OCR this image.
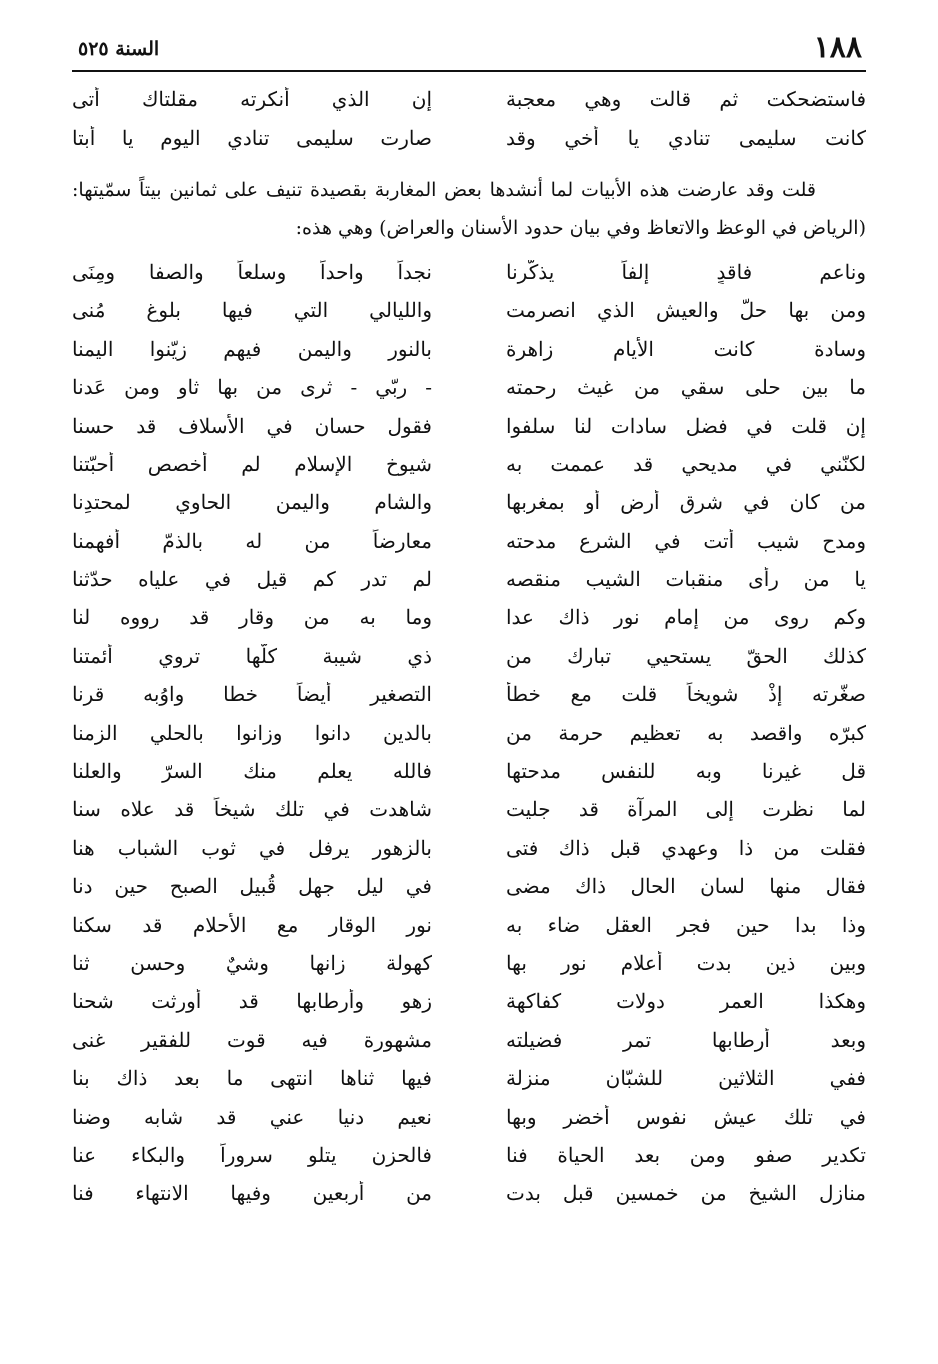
١٨٨
السنة ٥٢٥
فاستضحكت ثم قالت وهي معجبة
إن الذي أنكرته مقلتاك أتى
كانت سليمى تنادي يا أخي وقد
صارت سليمى تنادي اليوم يا أبتا

قلت وقد عارضت هذه الأبيات لما أنشدها بعض المغاربة بقصيدة تنيف على ثمانين بيتاً سمّيتها: (الرياض في الوعظ والاتعاظ وفي بيان حدود الأسنان والعراض) وهي هذه:

وناعم فاقدٍ إلفاً يذكّرنا
نجداً واحداً وسلعاً والصفا ومِنَى
ومن بها حلّ والعيش الذي انصرمت
والليالي التي فيها بلوغ مُنى
وسادة كانت الأيام زاهرة
بالنور واليمن فيهم زيّنوا اليمنا
ما بين حلى سقي من غيث رحمته
- ربّي - ثرى من بها ثاوٍ ومن عَدنا
إن قلت في فضل سادات لنا سلفوا
فقول حسان في الأسلاف قد حسنا
لكنّني في مديحي قد عممت به
شيوخ الإسلام لم أخصص أحبّتنا
من كان في شرق أرض أو بمغربها
والشام واليمن الحاوي لمحتدِنا
ومدح شيب أتت في الشرع مدحته
معارضاً من له بالذمّ أفهمنا
يا من رأى منقبات الشيب منقصه
لم تدرِ كم قيل في علياه حدّثنا
وكم روى من إمام نور ذاك عدا
وما به من وقارٍ قد رووه لنا
كذلك الحقّ يستحيي تبارك من
ذي شيبة كلّها تروي أئمتنا
صغّرته إذْ شويخاً قلت مع خطأ
التصغير أيضاً خطا واوُبه قرنا
كبرّه واقصد به تعظيم حرمة من
بالدين دانوا وزانوا بالحلي الزمنا
قل غيرنا وبه للنفس مدحتها
فالله يعلم منك السرّ والعلنا
لما نظرت إلى المرآة قد جليت
شاهدت في تلك شيخاً قد علاه سنا
فقلت من ذا وعهدي قبل ذاك فتى
بالزهور يرفل في ثوب الشباب هنا
فقال منها لسان الحال ذاك مضى
في ليل جهل قُبيل الصبح حين دنا
وذا بدا حين فجر العقل ضاء به
نور الوقار مع الأحلام قد سكنا
وبين ذين بدت أعلام نور بها
كهولة زانها وشيٌ وحسن ثنا
وهكذا العمر دولات كفاكهة
زهو وأرطابها قد أورثت شحنا
وبعد أرطابها تمر فضيلته
مشهورة فيه قوت للفقير غنى
ففي الثلاثين للشبّان منزلة
فيها ثناها انتهى ما بعد ذاك بنا
في تلك عيش نفوس أخضر وبها
نعيم دنيا عني قد شابه وضنا
تكدير صفو ومن بعد الحياة فنا
فالحزن يتلو سروراً والبكاء عنا
منازل الشيخ من خمسين قبل بدت
من أربعين وفيها الانتهاء فنا
